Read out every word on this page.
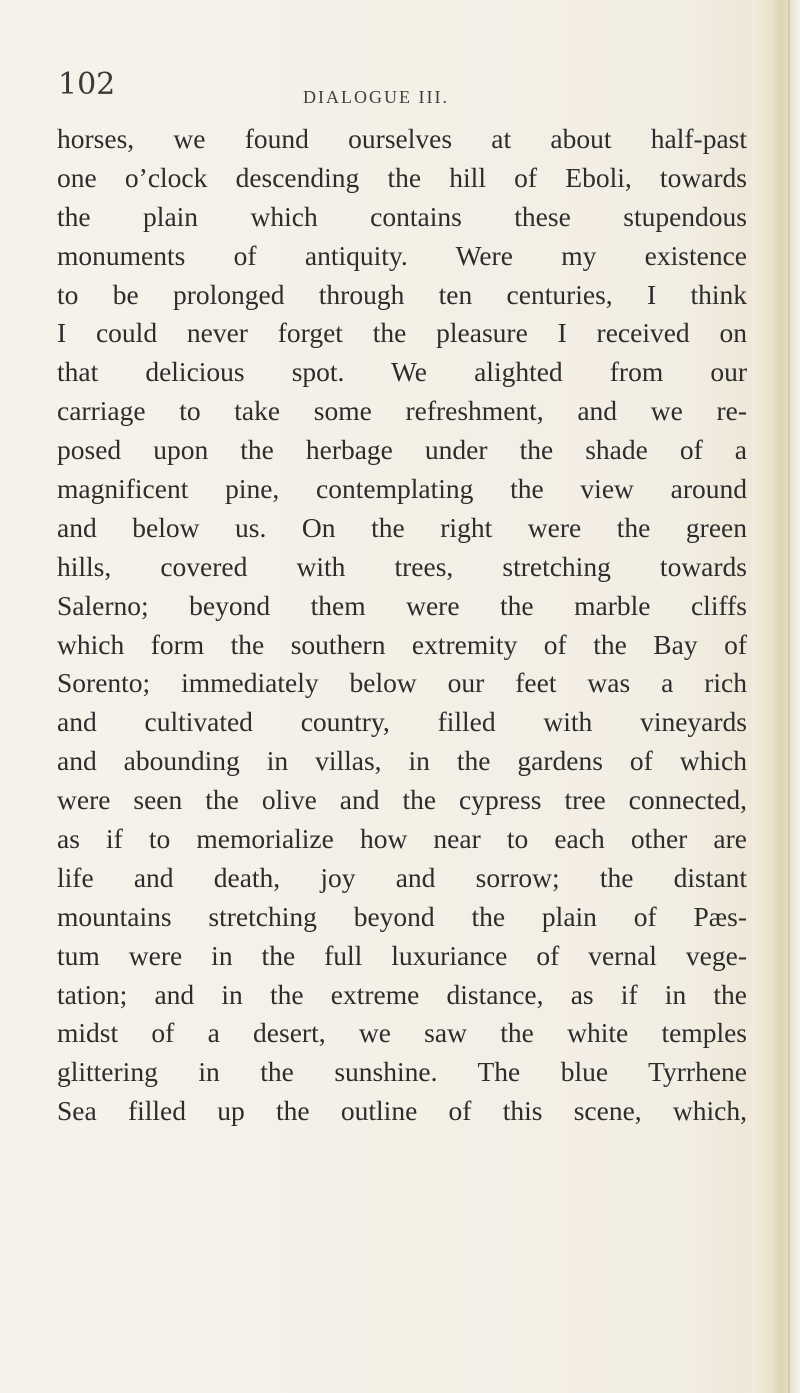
102	DIALOGUE III.
horses, we found ourselves at about half-past
one o’clock descending the hill of Eboli, towards
the plain which contains these stupendous
monuments of antiquity. Were my existence
to be prolonged through ten centuries, I think
I could never forget the pleasure I received on
that delicious spot. We alighted from our
carriage to take some refreshment, and we re-
posed upon the herbage under the shade of a
magnificent pine, contemplating the view around
and below us. On the right were the green
hills, covered with trees, stretching towards
Salerno; beyond them were the marble cliffs
which form the southern extremity of the Bay of
Sorento; immediately below our feet was a rich
and cultivated country, filled with vineyards
and abounding in villas, in the gardens of which
were seen the olive and the cypress tree connected,
as if to memorialize how near to each other are
life and death, joy and sorrow; the distant
mountains stretching beyond the plain of Pæs-
tum were in the full luxuriance of vernal vege-
tation; and in the extreme distance, as if in the
midst of a desert, we saw the white temples
glittering in the sunshine. The blue Tyrrhene
Sea filled up the outline of this scene, which,
